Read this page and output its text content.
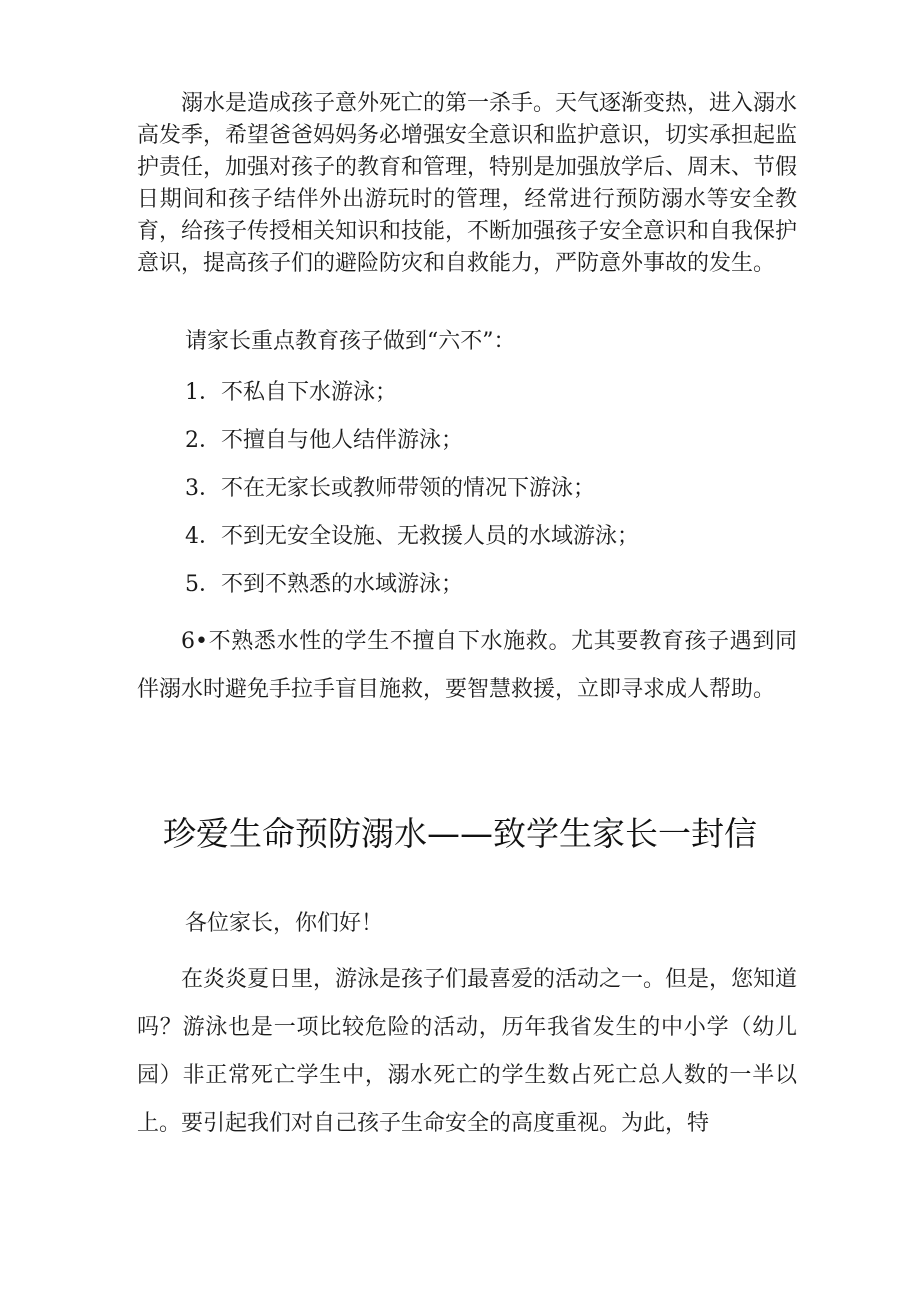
溺水是造成孩子意外死亡的第一杀手。天气逐渐变热，进入溺水高发季，希望爸爸妈妈务必增强安全意识和监护意识，切实承担起监护责任，加强对孩子的教育和管理，特别是加强放学后、周末、节假日期间和孩子结伴外出游玩时的管理，经常进行预防溺水等安全教育，给孩子传授相关知识和技能，不断加强孩子安全意识和自我保护意识，提高孩子们的避险防灾和自救能力，严防意外事故的发生。

请家长重点教育孩子做到“六不”：

1．不私自下水游泳；

2．不擅自与他人结伴游泳；

3．不在无家长或教师带领的情况下游泳；

4．不到无安全设施、无救援人员的水域游泳；

5．不到不熟悉的水域游泳；

6•不熟悉水性的学生不擅自下水施救。尤其要教育孩子遇到同伴溺水时避免手拉手盲目施救，要智慧救援，立即寻求成人帮助。

珍爱生命预防溺水——致学生家长一封信

各位家长，你们好！

在炎炎夏日里，游泳是孩子们最喜爱的活动之一。但是，您知道吗？游泳也是一项比较危险的活动，历年我省发生的中小学（幼儿园）非正常死亡学生中，溺水死亡的学生数占死亡总人数的一半以上。要引起我们对自己孩子生命安全的高度重视。为此，特
